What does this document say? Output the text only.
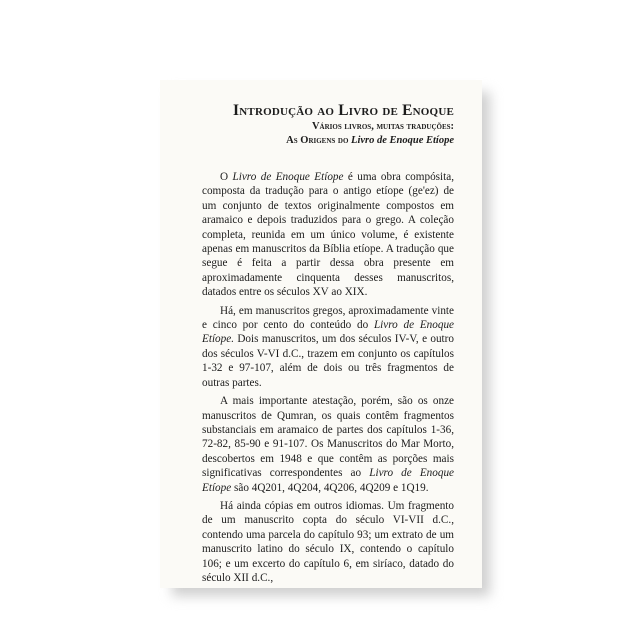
Introdução ao Livro de Enoque

Vários livros, muitas traduções:

As Origens do Livro de Enoque Etíope

O Livro de Enoque Etíope é uma obra compósita, composta da tradução para o antigo etíope (ge'ez) de um conjunto de textos originalmente compostos em aramaico e depois traduzidos para o grego. A coleção completa, reunida em um único volume, é existente apenas em manuscritos da Bíblia etíope. A tradução que segue é feita a partir dessa obra presente em aproximadamente cinquenta desses manuscritos, datados entre os séculos XV ao XIX.

Há, em manuscritos gregos, aproximadamente vinte e cinco por cento do conteúdo do Livro de Enoque Etíope. Dois manuscritos, um dos séculos IV-V, e outro dos séculos V-VI d.C., trazem em conjunto os capítulos 1-32 e 97-107, além de dois ou três fragmentos de outras partes.

A mais importante atestação, porém, são os onze manuscritos de Qumran, os quais contêm fragmentos substanciais em aramaico de partes dos capítulos 1-36, 72-82, 85-90 e 91-107. Os Manuscritos do Mar Morto, descobertos em 1948 e que contêm as porções mais significativas correspondentes ao Livro de Enoque Etíope são 4Q201, 4Q204, 4Q206, 4Q209 e 1Q19.

Há ainda cópias em outros idiomas. Um fragmento de um manuscrito copta do século VI-VII d.C., contendo uma parcela do capítulo 93; um extrato de um manuscrito latino do século IX, contendo o capítulo 106; e um excerto do capítulo 6, em siríaco, datado do século XII d.C.,
